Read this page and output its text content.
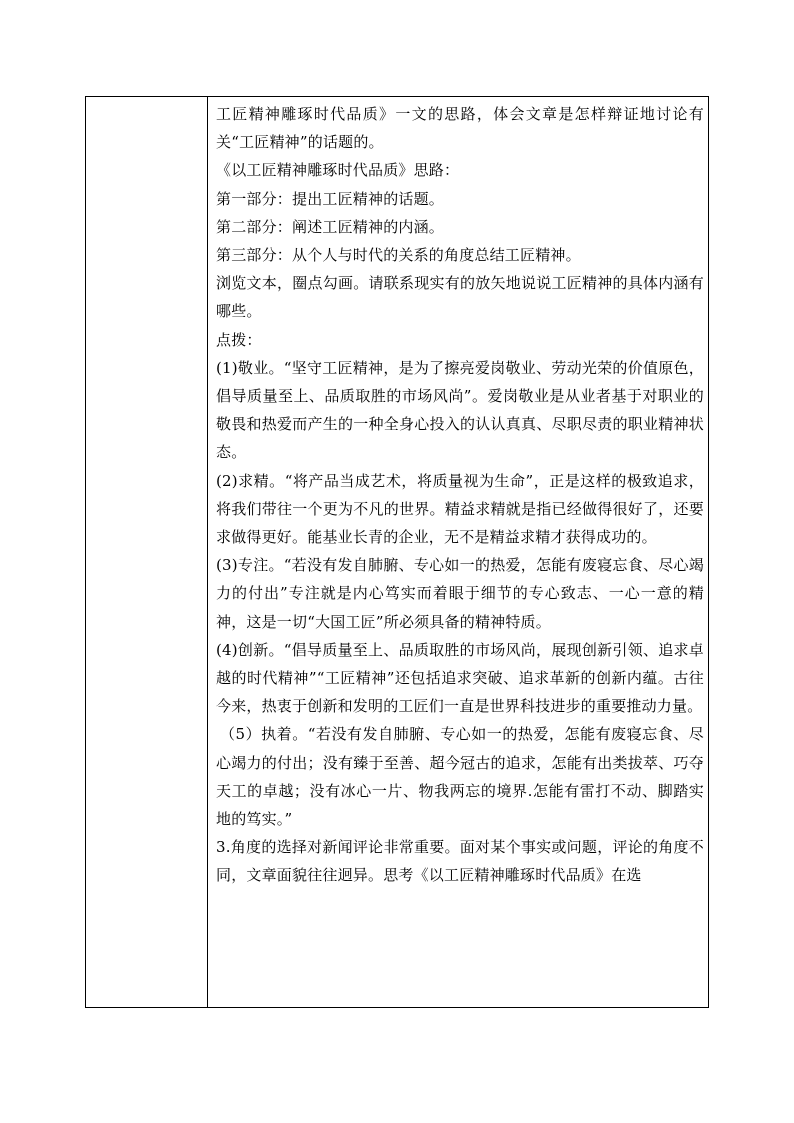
工匠精神雕琢时代品质》一文的思路，体会文章是怎样辩证地讨论有关“工匠精神”的话题的。

《以工匠精神雕琢时代品质》思路：

第一部分：提出工匠精神的话题。

第二部分：阐述工匠精神的内涵。

第三部分：从个人与时代的关系的角度总结工匠精神。

浏览文本，圈点勾画。请联系现实有的放矢地说说工匠精神的具体内涵有哪些。

点拨：

(1)敬业。“坚守工匠精神，是为了擦亮爱岗敬业、劳动光荣的价值原色，倡导质量至上、品质取胜的市场风尚”。爱岗敬业是从业者基于对职业的敬畏和热爱而产生的一种全身心投入的认认真真、尽职尽责的职业精神状态。

(2)求精。“将产品当成艺术，将质量视为生命”，正是这样的极致追求，将我们带往一个更为不凡的世界。精益求精就是指已经做得很好了，还要求做得更好。能基业长青的企业，无不是精益求精才获得成功的。

(3)专注。“若没有发自肺腑、专心如一的热爱，怎能有废寝忘食、尽心竭力的付出”专注就是内心笃实而着眼于细节的专心致志、一心一意的精神，这是一切“大国工匠”所必须具备的精神特质。

(4)创新。“倡导质量至上、品质取胜的市场风尚，展现创新引领、追求卓越的时代精神”“工匠精神”还包括追求突破、追求革新的创新内蕴。古往今来，热衷于创新和发明的工匠们一直是世界科技进步的重要推动力量。

（5）执着。“若没有发自肺腑、专心如一的热爱，怎能有废寝忘食、尽心竭力的付出；没有臻于至善、超今冠古的追求，怎能有出类拔萃、巧夺天工的卓越；没有冰心一片、物我两忘的境界.怎能有雷打不动、脚踏实地的笃实。”

3.角度的选择对新闻评论非常重要。面对某个事实或问题，评论的角度不同，文章面貌往往迥异。思考《以工匠精神雕琢时代品质》在选
